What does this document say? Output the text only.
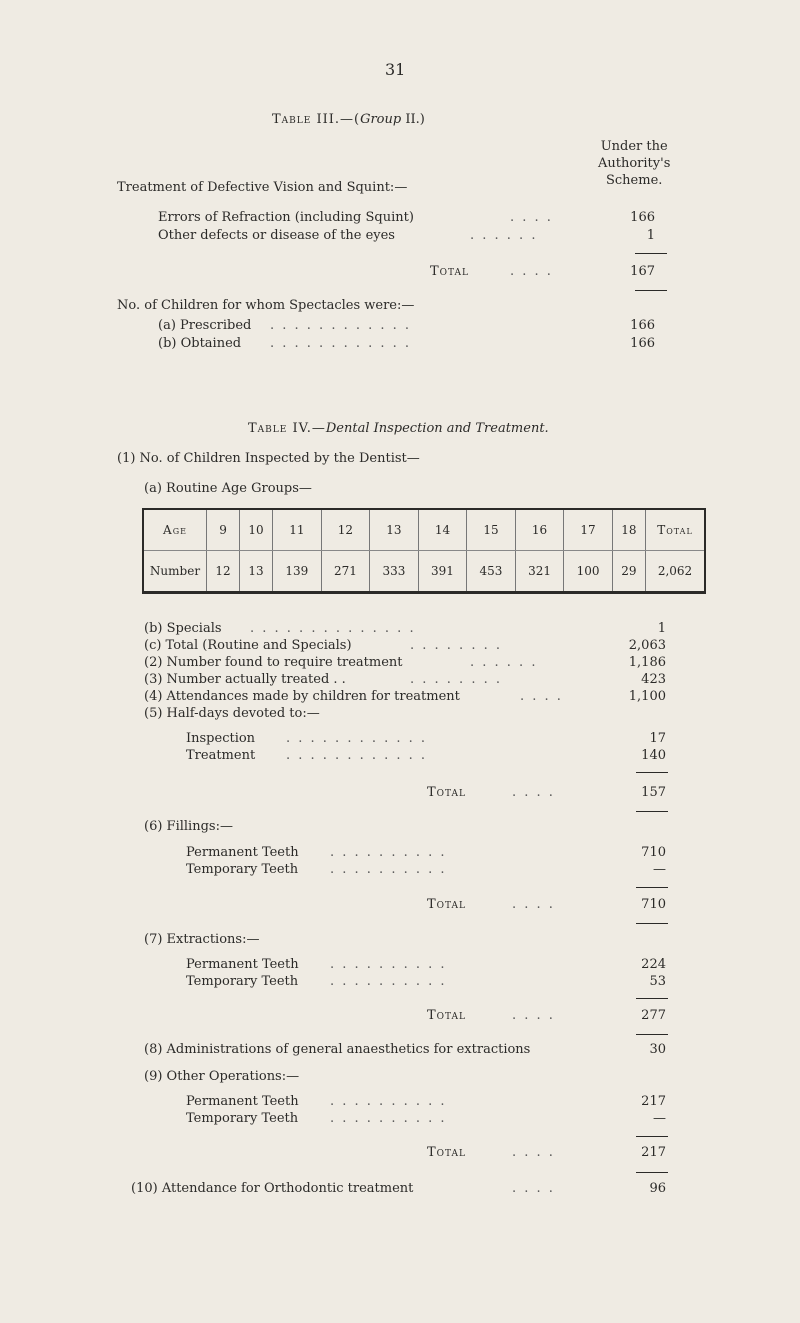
31
Table III.—(Group II.)
Under the
Authority's
Scheme.
Treatment of Defective Vision and Squint:—
Errors of Refraction (including Squint)	. . . .	166
Other defects or disease of the eyes	. . . . . .	1
Total	. . . .	167
No. of Children for whom Spectacles were:—
(a) Prescribed . . . . . . . . . . . .	166
(b) Obtained . . . . . . . . . . . .	166
Table IV.—Dental Inspection and Treatment.
(1) No. of Children Inspected by the Dentist—
(a) Routine Age Groups—
Age	9	10	11	12	13	14	15	16	17	18	Total
Number	12	13	139	271	333	391	453	321	100	29	2,062
(b) Specials . . . . . . . . . . . . . .	1
(c) Total (Routine and Specials)	. . . . . . . .	2,063
(2) Number found to require treatment	. . . . . .	1,186
(3) Number actually treated . .	. . . . . . . .	423
(4) Attendances made by children for treatment	. . . .	1,100
(5) Half-days devoted to:—
Inspection . . . . . . . . . . . .	17
Treatment . . . . . . . . . . . .	140
Total	. . . .	157
(6) Fillings:—
Permanent Teeth . . . . . . . . . .	710
Temporary Teeth . . . . . . . . . .	—
Total	. . . .	710
(7) Extractions:—
Permanent Teeth . . . . . . . . . .	224
Temporary Teeth . . . . . . . . . .	53
Total	. . . .	277
(8) Administrations of general anaesthetics for extractions	30
(9) Other Operations:—
Permanent Teeth . . . . . . . . . .	217
Temporary Teeth . . . . . . . . . .	—
Total	. . . .	217
(10) Attendance for Orthodontic treatment	. . . .	96
